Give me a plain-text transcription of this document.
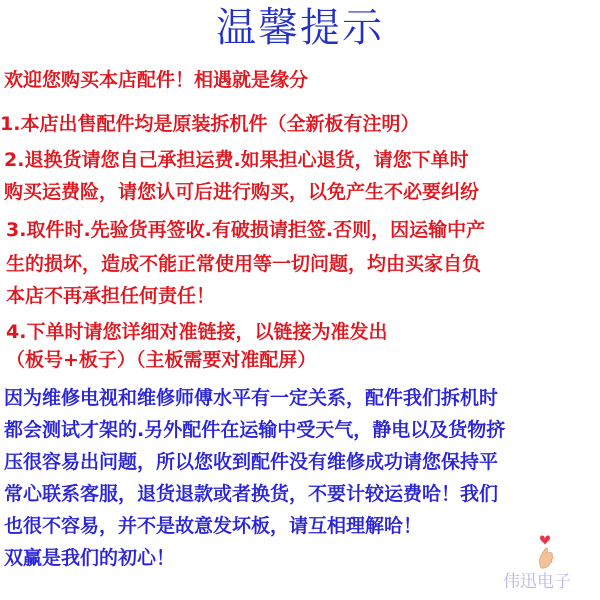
温馨提示
欢迎您购买本店配件！相遇就是缘分
1.本店出售配件均是原装拆机件（全新板有注明）
2.退换货请您自己承担运费.如果担心退货，请您下单时
购买运费险，请您认可后进行购买，以免产生不必要纠纷
3.取件时.先验货再签收.有破损请拒签.否则，因运输中产
生的损坏，造成不能正常使用等一切问题，均由买家自负
本店不再承担任何责任！
4.下单时请您详细对准链接，以链接为准发出
（板号+板子）（主板需要对准配屏）
因为维修电视和维修师傅水平有一定关系，配件我们拆机时
都会测试才架的.另外配件在运输中受天气，静电以及货物挤
压很容易出问题，所以您收到配件没有维修成功请您保持平
常心联系客服，退货退款或者换货，不要计较运费哈！我们
也很不容易，并不是故意发坏板，请互相理解哈！
双赢是我们的初心！
伟迅电子
